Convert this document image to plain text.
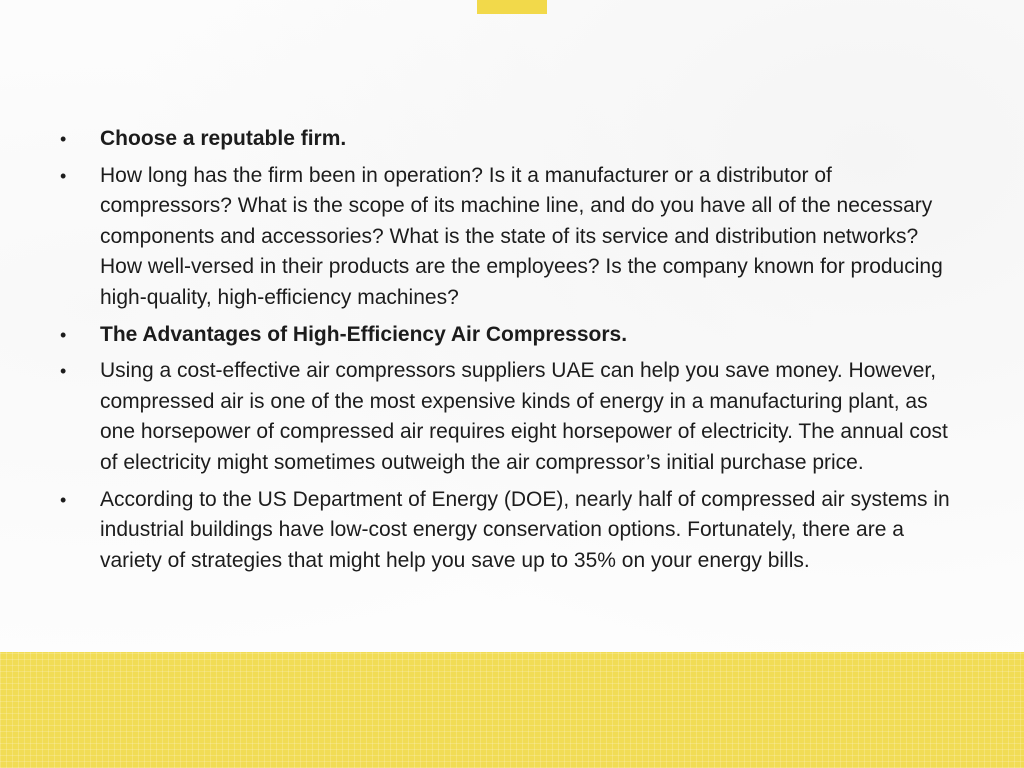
• Choose a reputable firm.
• How long has the firm been in operation? Is it a manufacturer or a distributor of compressors? What is the scope of its machine line, and do you have all of the necessary components and accessories? What is the state of its service and distribution networks? How well-versed in their products are the employees? Is the company known for producing high-quality, high-efficiency machines?
• The Advantages of High-Efficiency Air Compressors.
• Using a cost-effective air compressors suppliers UAE can help you save money. However, compressed air is one of the most expensive kinds of energy in a manufacturing plant, as one horsepower of compressed air requires eight horsepower of electricity. The annual cost of electricity might sometimes outweigh the air compressor’s initial purchase price.
• According to the US Department of Energy (DOE), nearly half of compressed air systems in industrial buildings have low-cost energy conservation options. Fortunately, there are a variety of strategies that might help you save up to 35% on your energy bills.
